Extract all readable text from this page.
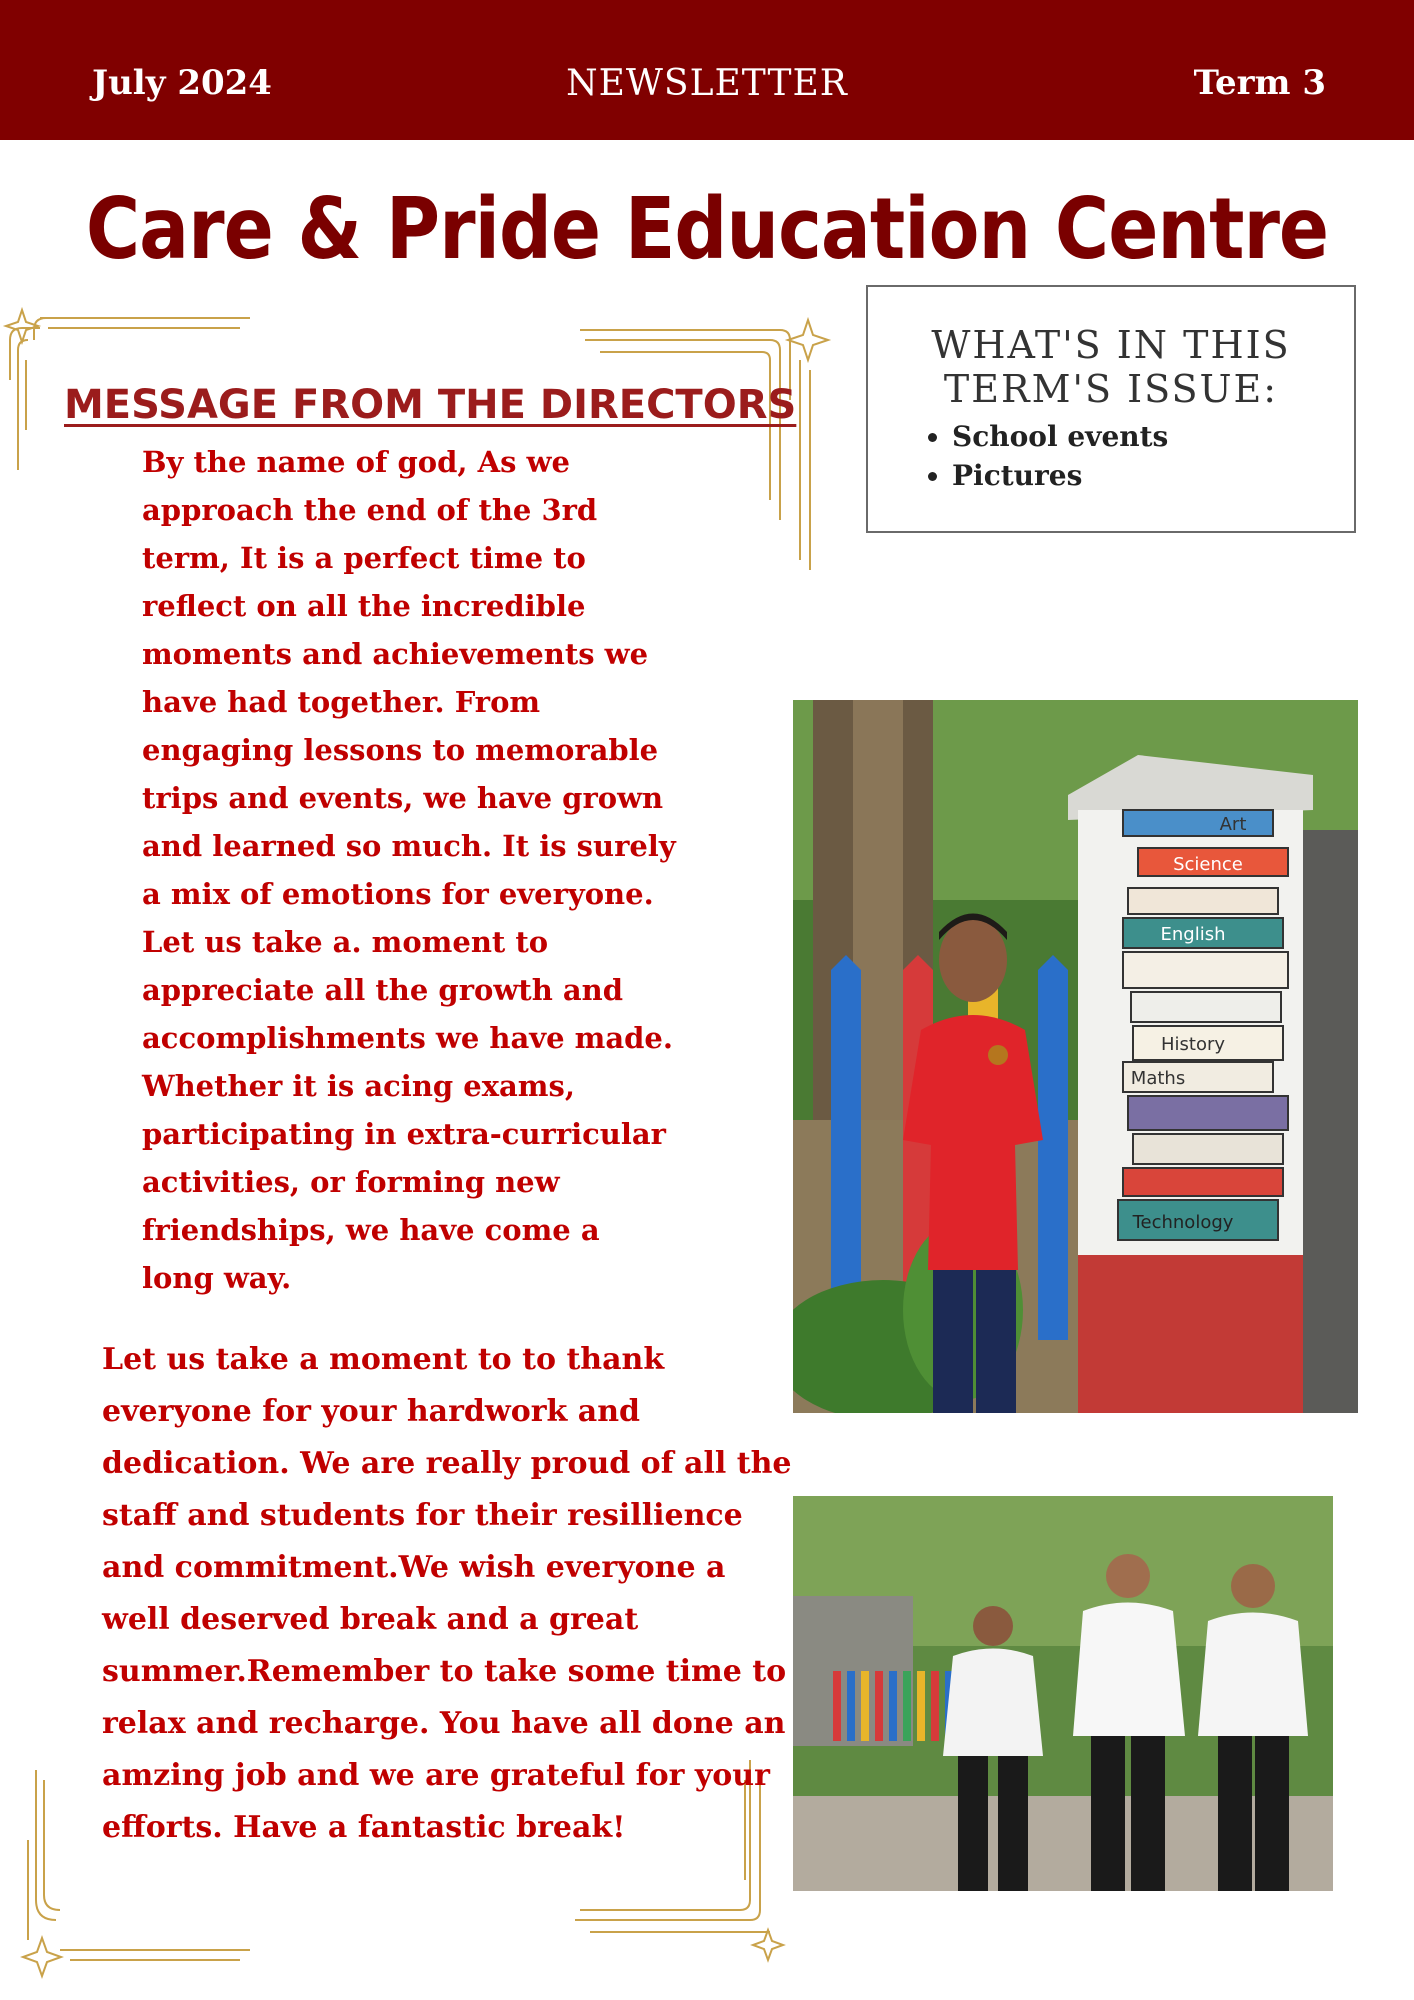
July 2024	NEWSLETTER	Term 3
Care & Pride Education Centre
MESSAGE FROM THE DIRECTORS
By the name of god, As we
approach the end of the 3rd
term, It is a perfect time to
reflect on all the incredible
moments and achievements we
have had together. From
engaging lessons to memorable
trips and events, we have grown
and learned so much. It is surely
a mix of emotions for everyone.
Let us take a. moment to
appreciate all the growth and
accomplishments we have made.
Whether it is acing exams,
participating in extra-curricular
activities, or forming new
friendships, we have come a
long way.
Let us take a moment to to thank
everyone for your hardwork and
dedication. We are really proud of all the
staff and students for their resillience
and commitment.We wish everyone a
well deserved break and a great
summer.Remember to take some time to
relax and recharge. You have all done an
amzing job and we are grateful for your
efforts. Have a fantastic break!
WHAT'S IN THIS
TERM'S ISSUE:
• School events
• Pictures
Art
Science
English
History
Maths
Technology
